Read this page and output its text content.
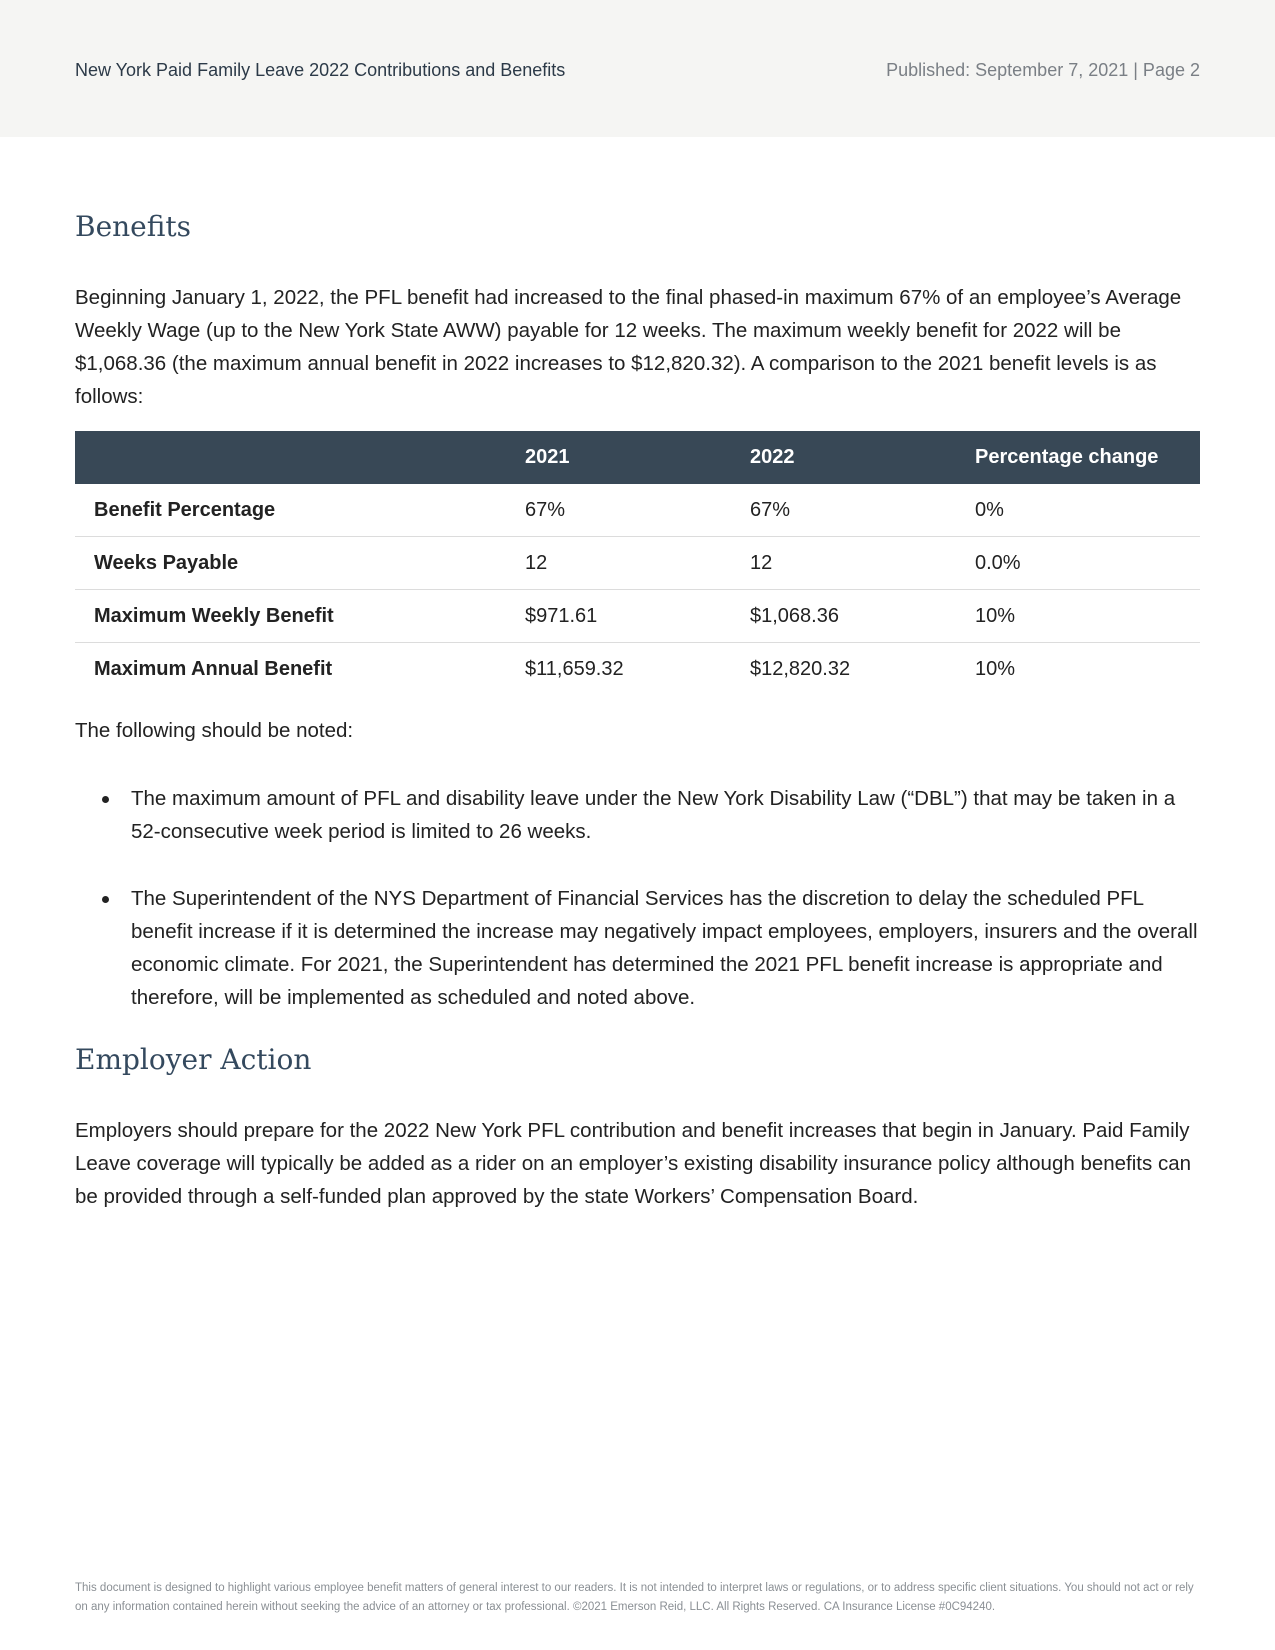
New York Paid Family Leave 2022 Contributions and Benefits	Published: September 7, 2021 | Page 2
Benefits

Beginning January 1, 2022, the PFL benefit had increased to the final phased-in maximum 67% of an employee’s Average Weekly Wage (up to the New York State AWW) payable for 12 weeks. The maximum weekly benefit for 2022 will be $1,068.36 (the maximum annual benefit in 2022 increases to $12,820.32). A comparison to the 2021 benefit levels is as follows:

	2021	2022	Percentage change
Benefit Percentage	67%	67%	0%
Weeks Payable	12	12	0.0%
Maximum Weekly Benefit	$971.61	$1,068.36	10%
Maximum Annual Benefit	$11,659.32	$12,820.32	10%

The following should be noted:

The maximum amount of PFL and disability leave under the New York Disability Law (“DBL”) that may be taken in a 52-consecutive week period is limited to 26 weeks.
The Superintendent of the NYS Department of Financial Services has the discretion to delay the scheduled PFL benefit increase if it is determined the increase may negatively impact employees, employers, insurers and the overall economic climate. For 2021, the Superintendent has determined the 2021 PFL benefit increase is appropriate and therefore, will be implemented as scheduled and noted above.
Employer Action

Employers should prepare for the 2022 New York PFL contribution and benefit increases that begin in January. Paid Family Leave coverage will typically be added as a rider on an employer’s existing disability insurance policy although benefits can be provided through a self-funded plan approved by the state Workers’ Compensation Board.

This document is designed to highlight various employee benefit matters of general interest to our readers. It is not intended to interpret laws or regulations, or to address specific client situations. You should not act or rely on any information contained herein without seeking the advice of an attorney or tax professional. ©2021 Emerson Reid, LLC. All Rights Reserved. CA Insurance License #0C94240.
